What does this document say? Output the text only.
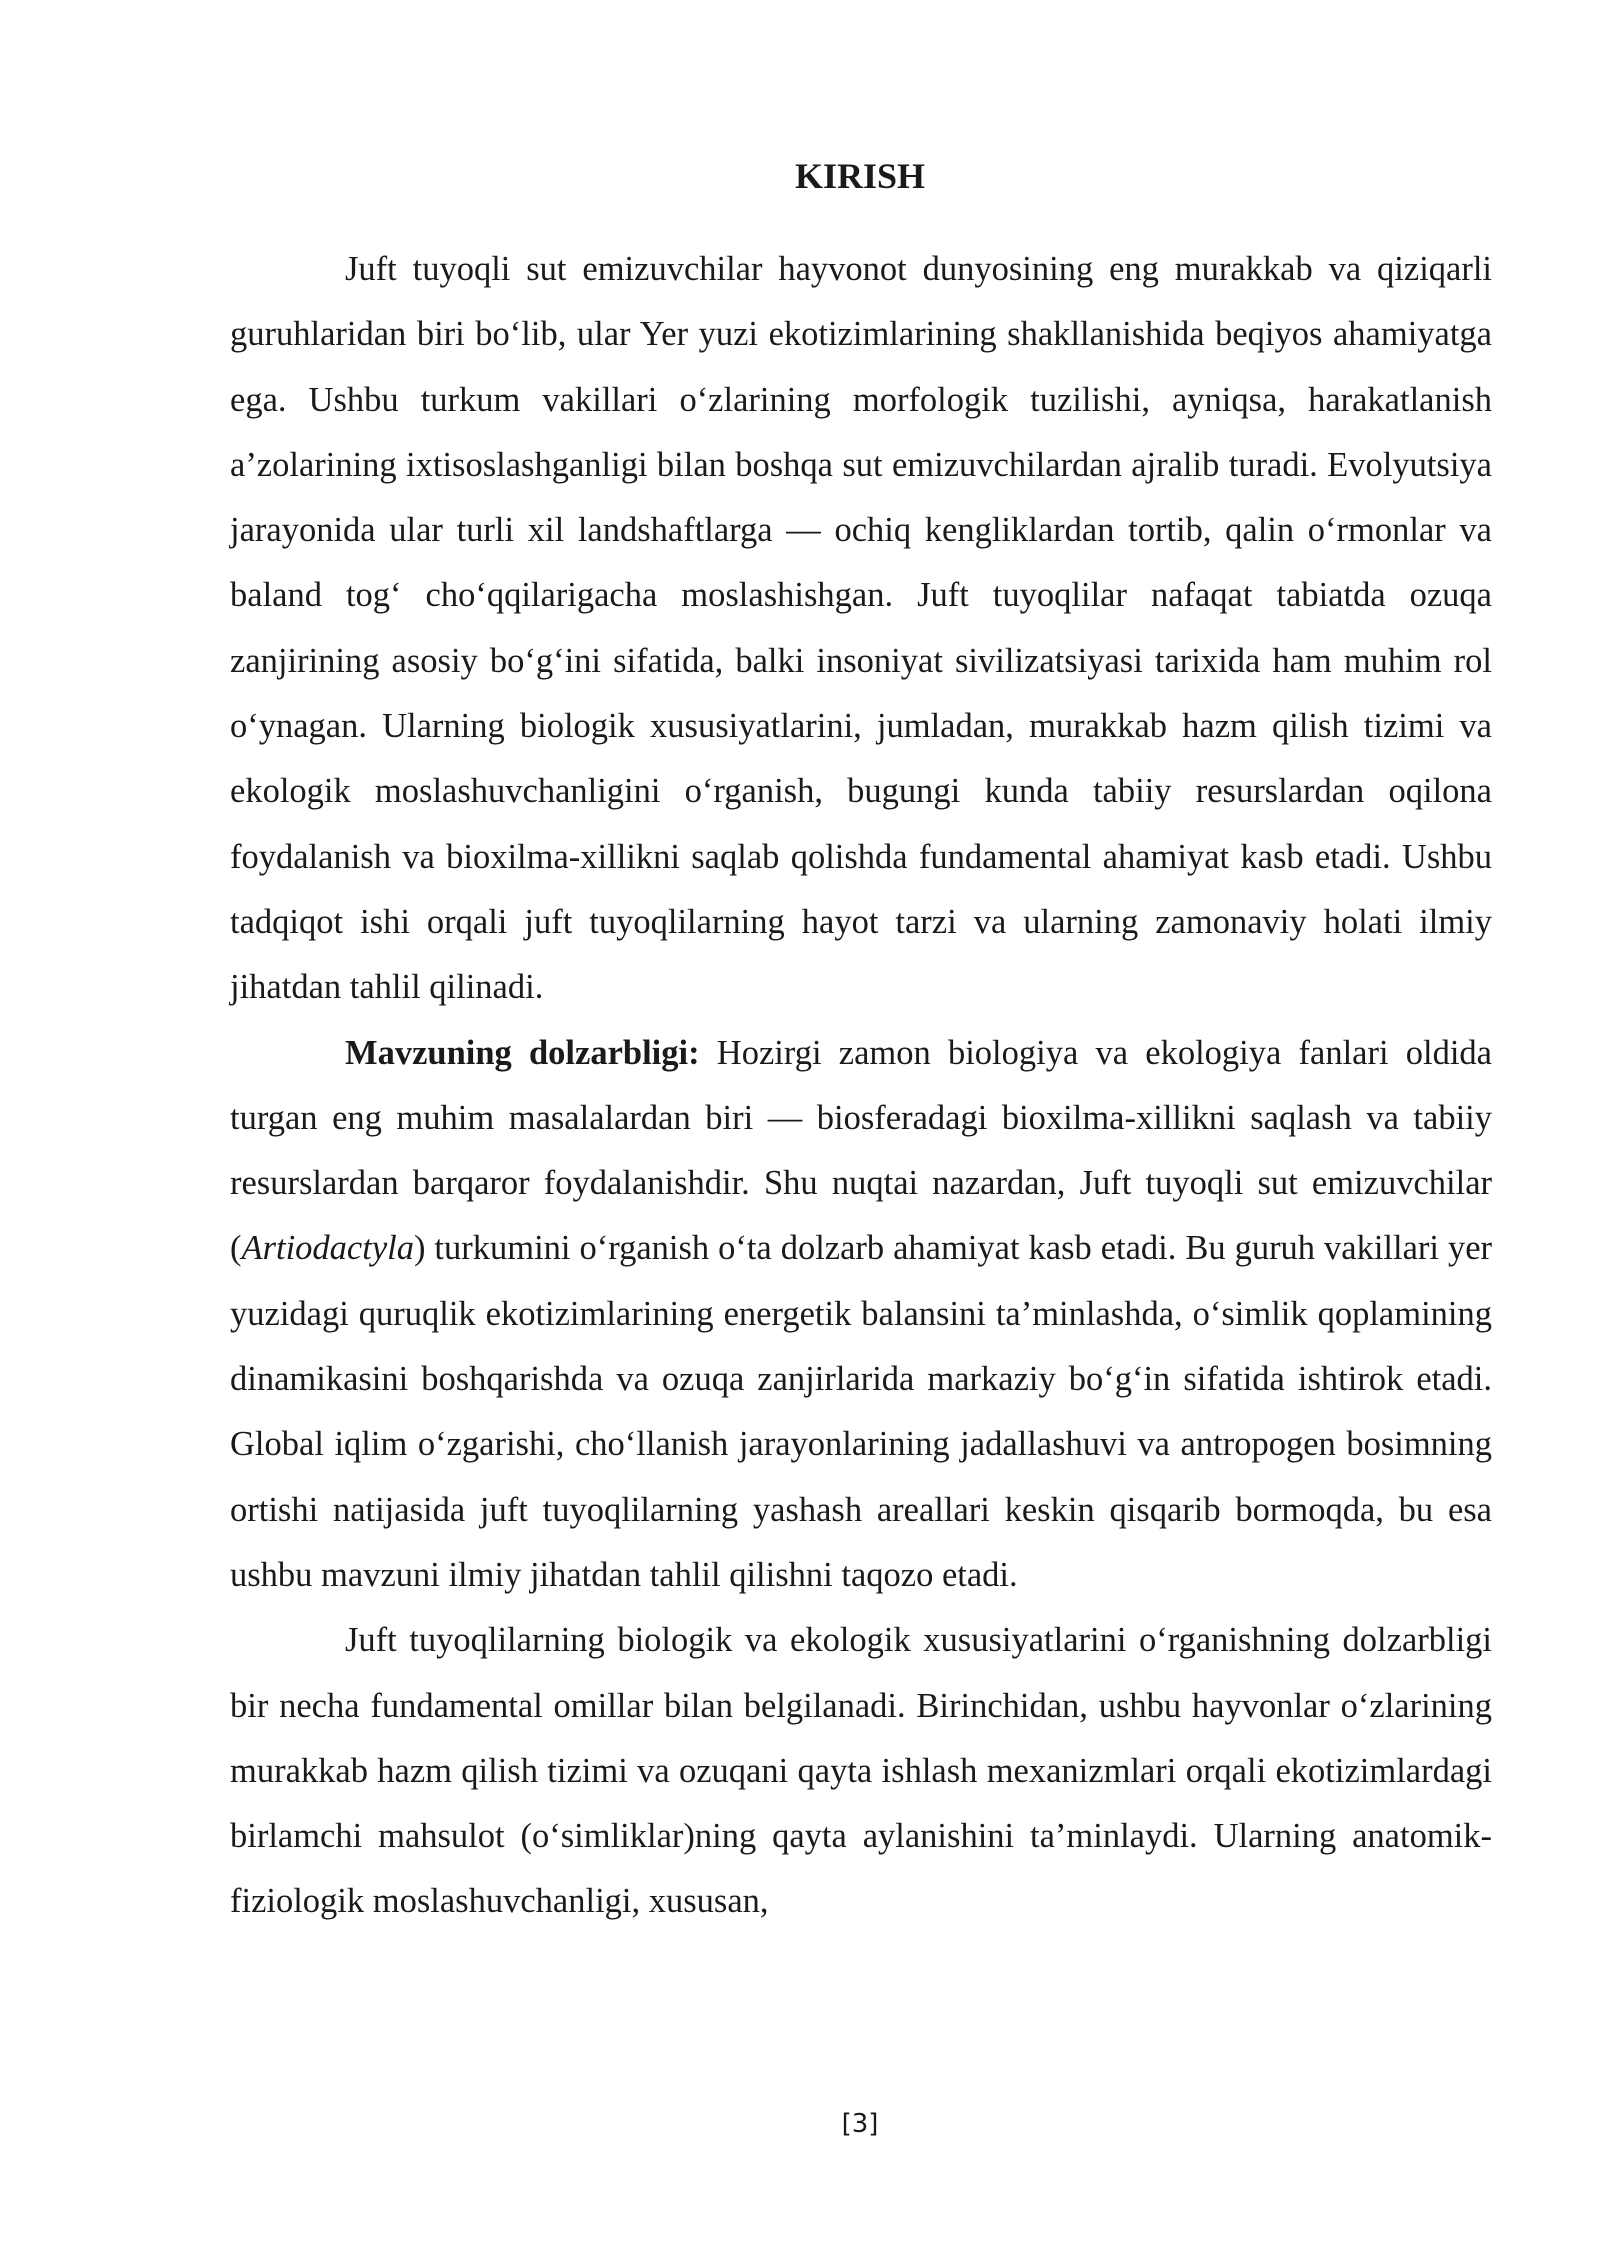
KIRISH

Juft tuyoqli sut emizuvchilar hayvonot dunyosining eng murakkab va qiziqarli guruhlaridan biri bo‘lib, ular Yer yuzi ekotizimlarining shakllanishida beqiyos ahamiyatga ega. Ushbu turkum vakillari o‘zlarining morfologik tuzilishi, ayniqsa, harakatlanish a’zolarining ixtisoslashganligi bilan boshqa sut emizuvchilardan ajralib turadi. Evolyutsiya jarayonida ular turli xil landshaftlarga — ochiq kengliklardan tortib, qalin o‘rmonlar va baland tog‘ cho‘qqilarigacha moslashishgan. Juft tuyoqlilar nafaqat tabiatda ozuqa zanjirining asosiy bo‘g‘ini sifatida, balki insoniyat sivilizatsiyasi tarixida ham muhim rol o‘ynagan. Ularning biologik xususiyatlarini, jumladan, murakkab hazm qilish tizimi va ekologik moslashuvchanligini o‘rganish, bugungi kunda tabiiy resurslardan oqilona foydalanish va bioxilma-xillikni saqlab qolishda fundamental ahamiyat kasb etadi. Ushbu tadqiqot ishi orqali juft tuyoqlilarning hayot tarzi va ularning zamonaviy holati ilmiy jihatdan tahlil qilinadi.

Mavzuning dolzarbligi: Hozirgi zamon biologiya va ekologiya fanlari oldida turgan eng muhim masalalardan biri — biosferadagi bioxilma-xillikni saqlash va tabiiy resurslardan barqaror foydalanishdir. Shu nuqtai nazardan, Juft tuyoqli sut emizuvchilar (Artiodactyla) turkumini o‘rganish o‘ta dolzarb ahamiyat kasb etadi. Bu guruh vakillari yer yuzidagi quruqlik ekotizimlarining energetik balansini ta’minlashda, o‘simlik qoplamining dinamikasini boshqarishda va ozuqa zanjirlarida markaziy bo‘g‘in sifatida ishtirok etadi. Global iqlim o‘zgarishi, cho‘llanish jarayonlarining jadallashuvi va antropogen bosimning ortishi natijasida juft tuyoqlilarning yashash areallari keskin qisqarib bormoqda, bu esa ushbu mavzuni ilmiy jihatdan tahlil qilishni taqozo etadi.

Juft tuyoqlilarning biologik va ekologik xususiyatlarini o‘rganishning dolzarbligi bir necha fundamental omillar bilan belgilanadi. Birinchidan, ushbu hayvonlar o‘zlarining murakkab hazm qilish tizimi va ozuqani qayta ishlash mexanizmlari orqali ekotizimlardagi birlamchi mahsulot (o‘simliklar)ning qayta aylanishini ta’minlaydi. Ularning anatomik-fiziologik moslashuvchanligi, xususan,

[3]
